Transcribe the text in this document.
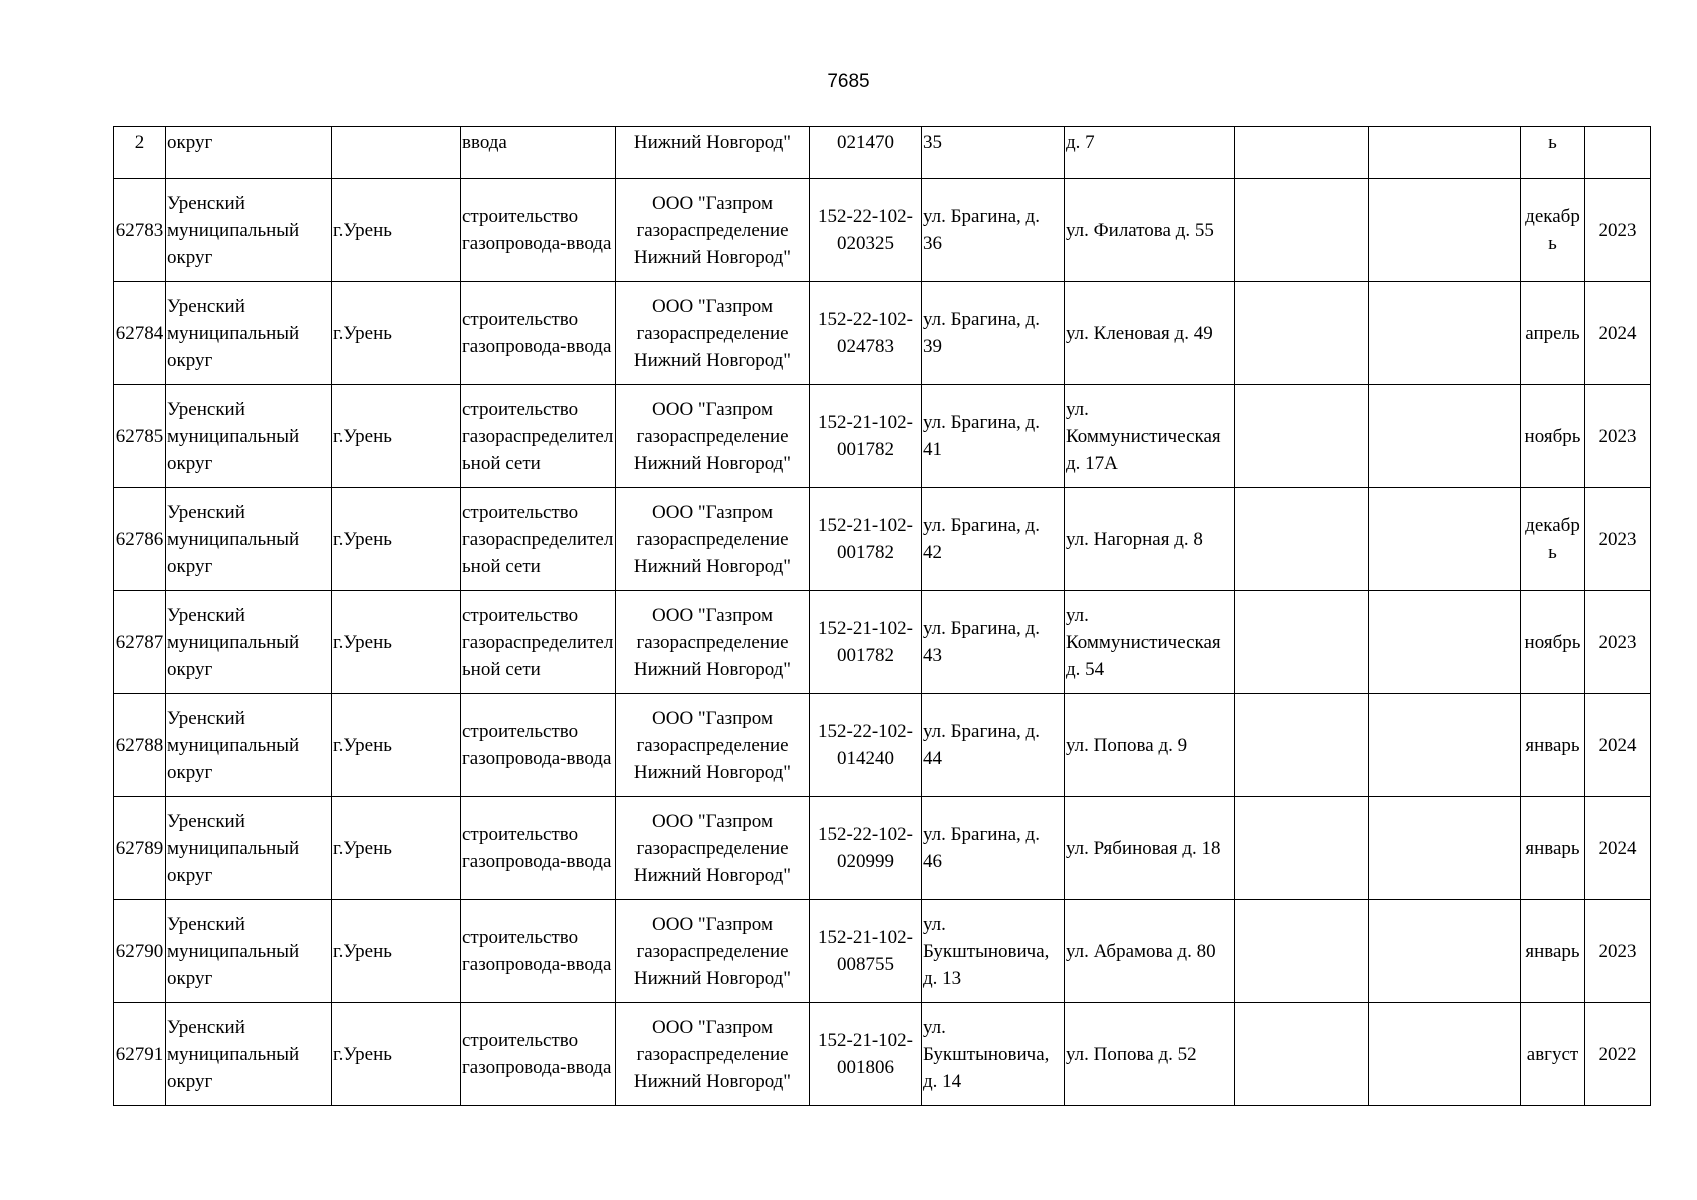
7685
2	округ		ввода	Нижний Новгород"	021470	35	д. 7			ь	
62783	Уренский муниципальный округ	г.Урень	строительство газопровода-ввода	ООО "Газпром газораспределение Нижний Новгород"	152-22-102-020325	ул. Брагина, д. 36	ул. Филатова д. 55			декабрь	2023
62784	Уренский муниципальный округ	г.Урень	строительство газопровода-ввода	ООО "Газпром газораспределение Нижний Новгород"	152-22-102-024783	ул. Брагина, д. 39	ул. Кленовая д. 49			апрель	2024
62785	Уренский муниципальный округ	г.Урень	строительство газораспределительной сети	ООО "Газпром газораспределение Нижний Новгород"	152-21-102-001782	ул. Брагина, д. 41	ул. Коммунистическая д. 17А			ноябрь	2023
62786	Уренский муниципальный округ	г.Урень	строительство газораспределительной сети	ООО "Газпром газораспределение Нижний Новгород"	152-21-102-001782	ул. Брагина, д. 42	ул. Нагорная д. 8			декабрь	2023
62787	Уренский муниципальный округ	г.Урень	строительство газораспределительной сети	ООО "Газпром газораспределение Нижний Новгород"	152-21-102-001782	ул. Брагина, д. 43	ул. Коммунистическая д. 54			ноябрь	2023
62788	Уренский муниципальный округ	г.Урень	строительство газопровода-ввода	ООО "Газпром газораспределение Нижний Новгород"	152-22-102-014240	ул. Брагина, д. 44	ул. Попова д. 9			январь	2024
62789	Уренский муниципальный округ	г.Урень	строительство газопровода-ввода	ООО "Газпром газораспределение Нижний Новгород"	152-22-102-020999	ул. Брагина, д. 46	ул. Рябиновая д. 18			январь	2024
62790	Уренский муниципальный округ	г.Урень	строительство газопровода-ввода	ООО "Газпром газораспределение Нижний Новгород"	152-21-102-008755	ул. Букштыновича, д. 13	ул. Абрамова д. 80			январь	2023
62791	Уренский муниципальный округ	г.Урень	строительство газопровода-ввода	ООО "Газпром газораспределение Нижний Новгород"	152-21-102-001806	ул. Букштыновича, д. 14	ул. Попова д. 52			август	2022
